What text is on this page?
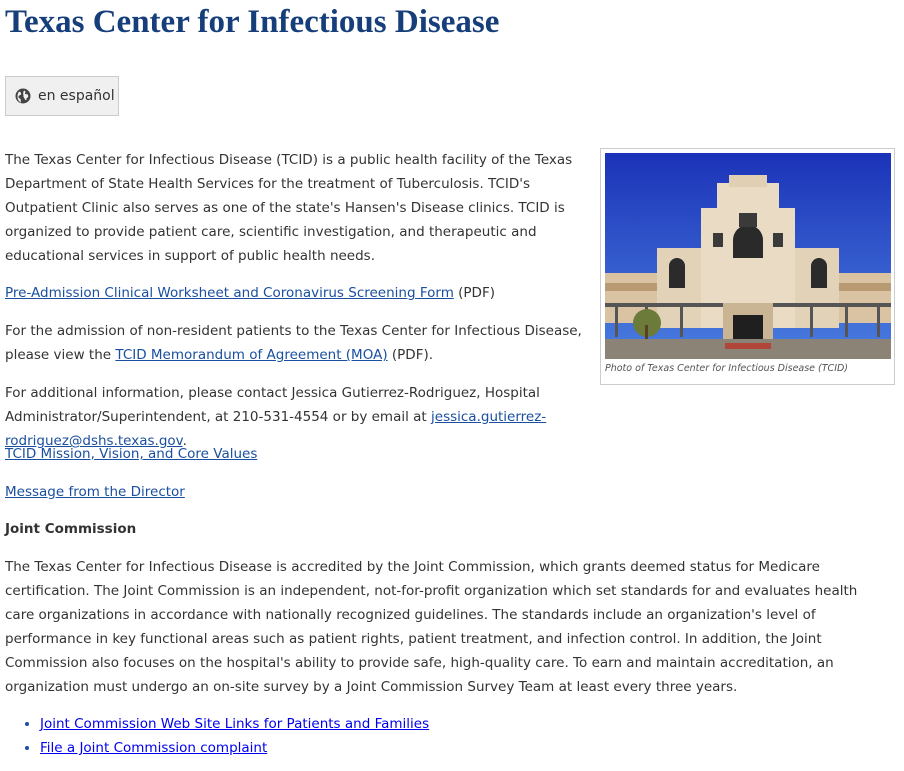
Texas Center for Infectious Disease
en español

The Texas Center for Infectious Disease (TCID) is a public health facility of the Texas Department of State Health Services for the treatment of Tuberculosis. TCID's Outpatient Clinic also serves as one of the state's Hansen's Disease clinics. TCID is organized to provide patient care, scientific investigation, and therapeutic and educational services in support of public health needs.

Photo of Texas Center for Infectious Disease (TCID)

Pre-Admission Clinical Worksheet and Coronavirus Screening Form (PDF)

For the admission of non-resident patients to the Texas Center for Infectious Disease, please view the TCID Memorandum of Agreement (MOA) (PDF).

For additional information, please contact Jessica Gutierrez-Rodriguez, Hospital Administrator/Superintendent, at 210-531-4554 or by email at jessica.gutierrez-rodriguez@dshs.texas.gov.

TCID Mission, Vision, and Core Values

Message from the Director

Joint Commission

The Texas Center for Infectious Disease is accredited by the Joint Commission, which grants deemed status for Medicare certification. The Joint Commission is an independent, not-for-profit organization which set standards for and evaluates health care organizations in accordance with nationally recognized guidelines. The standards include an organization's level of performance in key functional areas such as patient rights, patient treatment, and infection control. In addition, the Joint Commission also focuses on the hospital's ability to provide safe, high-quality care. To earn and maintain accreditation, an organization must undergo an on-site survey by a Joint Commission Survey Team at least every three years.

• Joint Commission Web Site Links for Patients and Families
• File a Joint Commission complaint
